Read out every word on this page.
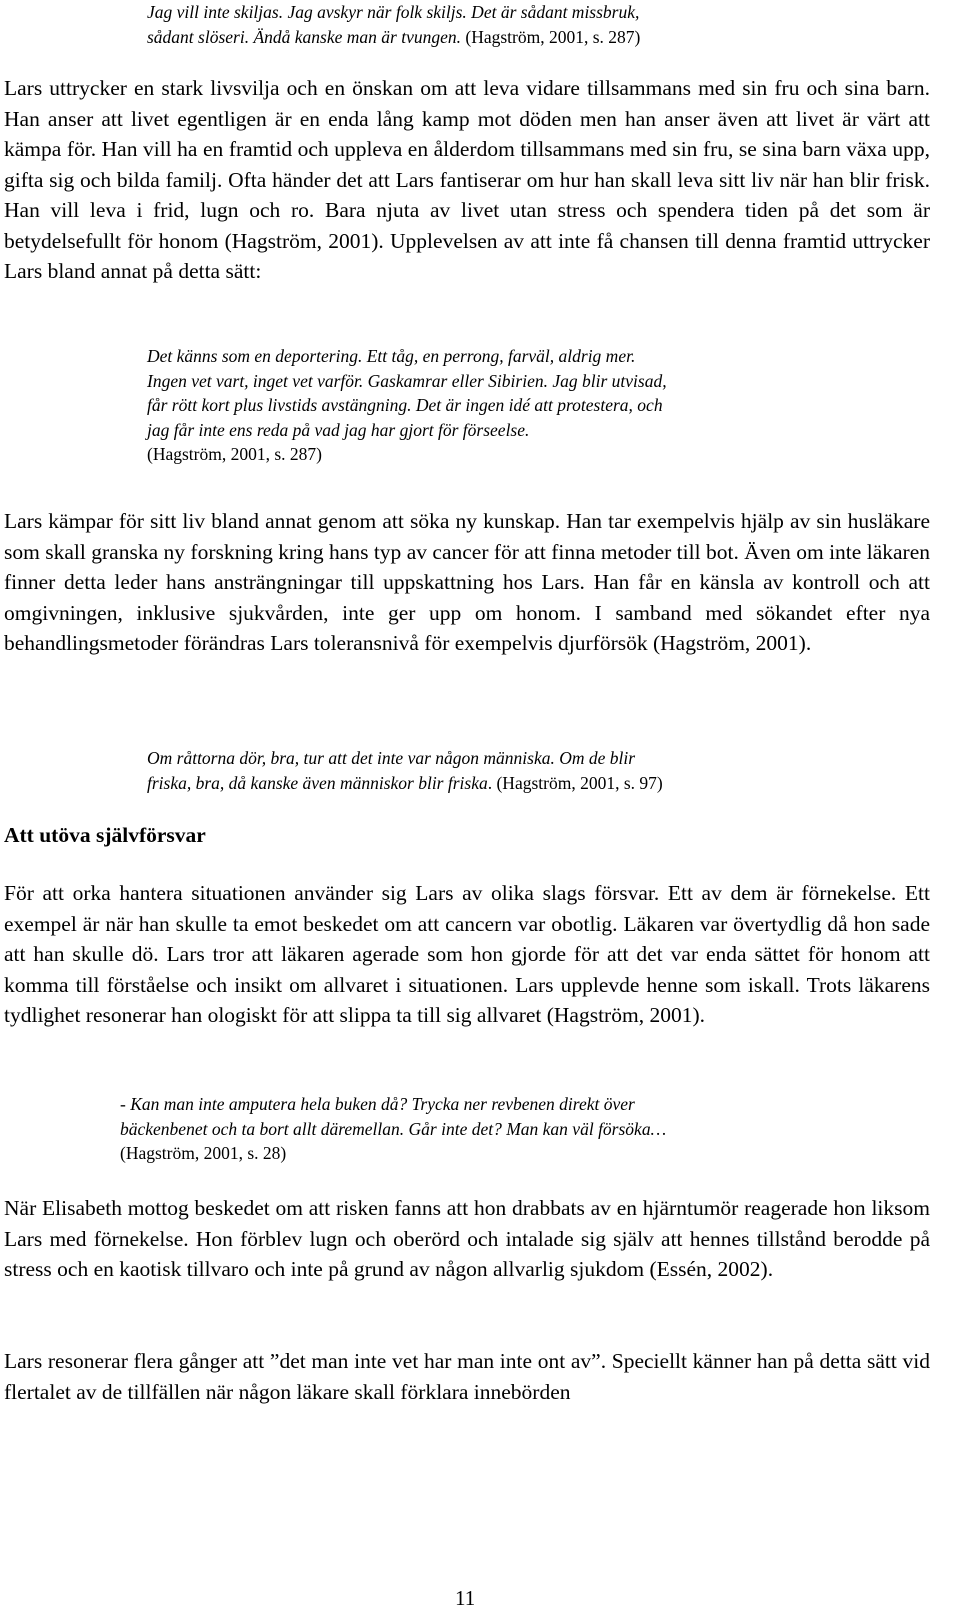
Jag vill inte skiljas. Jag avskyr när folk skiljs. Det är sådant missbruk,
sådant slöseri. Ändå kanske man är tvungen. (Hagström, 2001, s. 287)

Lars uttrycker en stark livsvilja och en önskan om att leva vidare tillsammans med sin fru och sina barn. Han anser att livet egentligen är en enda lång kamp mot döden men han anser även att livet är värt att kämpa för. Han vill ha en framtid och uppleva en ålderdom tillsammans med sin fru, se sina barn växa upp, gifta sig och bilda familj. Ofta händer det att Lars fantiserar om hur han skall leva sitt liv när han blir frisk. Han vill leva i frid, lugn och ro. Bara njuta av livet utan stress och spendera tiden på det som är betydelsefullt för honom (Hagström, 2001). Upplevelsen av att inte få chansen till denna framtid uttrycker Lars bland annat på detta sätt:

Det känns som en deportering. Ett tåg, en perrong, farväl, aldrig mer.
Ingen vet vart, inget vet varför. Gaskamrar eller Sibirien. Jag blir utvisad,
får rött kort plus livstids avstängning. Det är ingen idé att protestera, och
jag får inte ens reda på vad jag har gjort för förseelse.
(Hagström, 2001, s. 287)

Lars kämpar för sitt liv bland annat genom att söka ny kunskap. Han tar exempelvis hjälp av sin husläkare som skall granska ny forskning kring hans typ av cancer för att finna metoder till bot. Även om inte läkaren finner detta leder hans ansträngningar till uppskattning hos Lars. Han får en känsla av kontroll och att omgivningen, inklusive sjukvården, inte ger upp om honom. I samband med sökandet efter nya behandlingsmetoder förändras Lars toleransnivå för exempelvis djurförsök (Hagström, 2001).

Om råttorna dör, bra, tur att det inte var någon människa. Om de blir
friska, bra, då kanske även människor blir friska. (Hagström, 2001, s. 97)
Att utöva självförsvar

För att orka hantera situationen använder sig Lars av olika slags försvar. Ett av dem är förnekelse. Ett exempel är när han skulle ta emot beskedet om att cancern var obotlig. Läkaren var övertydlig då hon sade att han skulle dö. Lars tror att läkaren agerade som hon gjorde för att det var enda sättet för honom att komma till förståelse och insikt om allvaret i situationen. Lars upplevde henne som iskall. Trots läkarens tydlighet resonerar han ologiskt för att slippa ta till sig allvaret (Hagström, 2001).

- Kan man inte amputera hela buken då? Trycka ner revbenen direkt över
bäckenbenet och ta bort allt däremellan. Går inte det? Man kan väl försöka…
(Hagström, 2001, s. 28)

När Elisabeth mottog beskedet om att risken fanns att hon drabbats av en hjärntumör reagerade hon liksom Lars med förnekelse. Hon förblev lugn och oberörd och intalade sig själv att hennes tillstånd berodde på stress och en kaotisk tillvaro och inte på grund av någon allvarlig sjukdom (Essén, 2002).

Lars resonerar flera gånger att ”det man inte vet har man inte ont av”. Speciellt känner han på detta sätt vid flertalet av de tillfällen när någon läkare skall förklara innebörden

11
